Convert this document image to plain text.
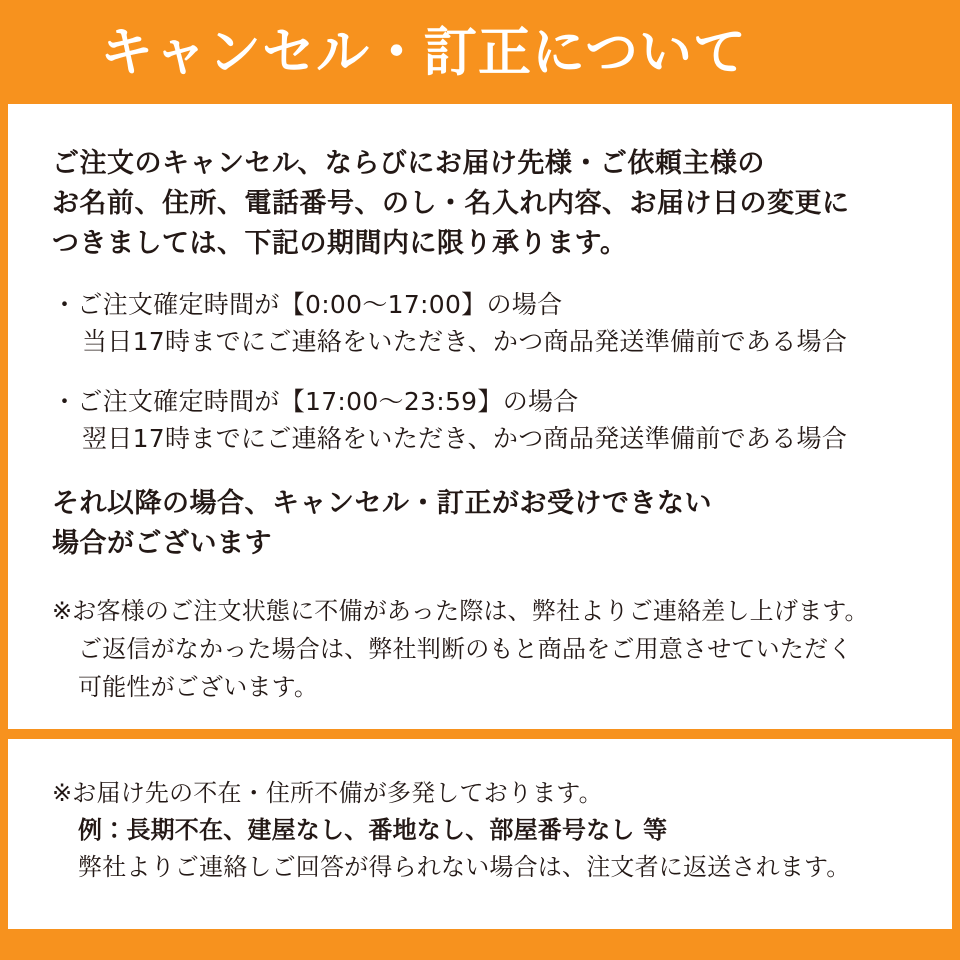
キャンセル・訂正について
ご注文のキャンセル、ならびにお届け先様・ご依頼主様の
お名前、住所、電話番号、のし・名入れ内容、お届け日の変更に
つきましては、下記の期間内に限り承ります。
・ご注文確定時間が【0:00〜17:00】の場合
当日17時までにご連絡をいただき、かつ商品発送準備前である場合
・ご注文確定時間が【17:00〜23:59】の場合
翌日17時までにご連絡をいただき、かつ商品発送準備前である場合
それ以降の場合、キャンセル・訂正がお受けできない
場合がございます
※お客様のご注文状態に不備があった際は、弊社よりご連絡差し上げます。
ご返信がなかった場合は、弊社判断のもと商品をご用意させていただく
可能性がございます。
※お届け先の不在・住所不備が多発しております。
例：長期不在、建屋なし、番地なし、部屋番号なし 等
弊社よりご連絡しご回答が得られない場合は、注文者に返送されます。
